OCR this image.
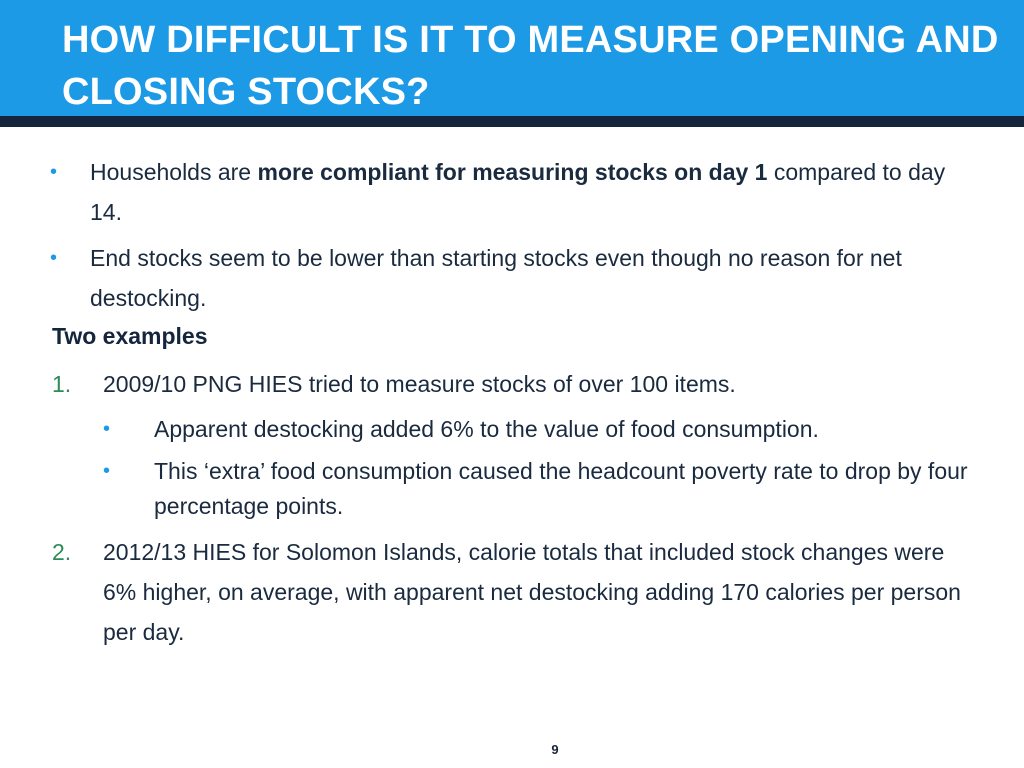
HOW DIFFICULT IS IT TO MEASURE OPENING AND CLOSING STOCKS?
• Households are more compliant for measuring stocks on day 1 compared to day 14.

• End stocks seem to be lower than starting stocks even though no reason for net destocking.

Two examples

1. 2009/10 PNG HIES tried to measure stocks of over 100 items.

• Apparent destocking added 6% to the value of food consumption.

• This ‘extra’ food consumption caused the headcount poverty rate to drop by four percentage points.

2. 2012/13 HIES for Solomon Islands, calorie totals that included stock changes were 6% higher, on average, with apparent net destocking adding 170 calories per person per day.

9
